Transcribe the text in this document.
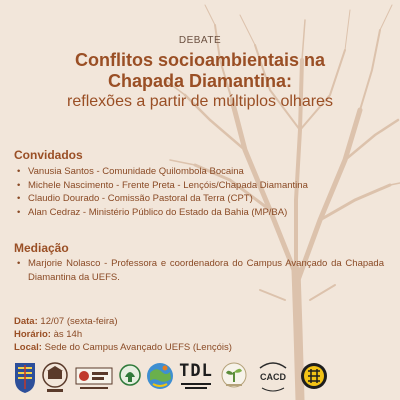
DEBATE
Conflitos socioambientais na
Chapada Diamantina:
reflexões a partir de múltiplos olhares
Convidados
• Vanusia Santos - Comunidade Quilombola Bocaina
• Michele Nascimento - Frente Preta - Lençóis/Chapada Diamantina
• Claudio Dourado - Comissão Pastoral da Terra (CPT)
• Alan Cedraz - Ministério Público do Estado da Bahia (MP/BA)
Mediação
• Marjorie Nolasco - Professora e coordenadora do Campus Avançado da Chapada Diamantina da UEFS.
Data: 12/07 (sexta-feira)
Horário: às 14h
Local: Sede do Campus Avançado UEFS (Lençóis)
TDL	CACD
